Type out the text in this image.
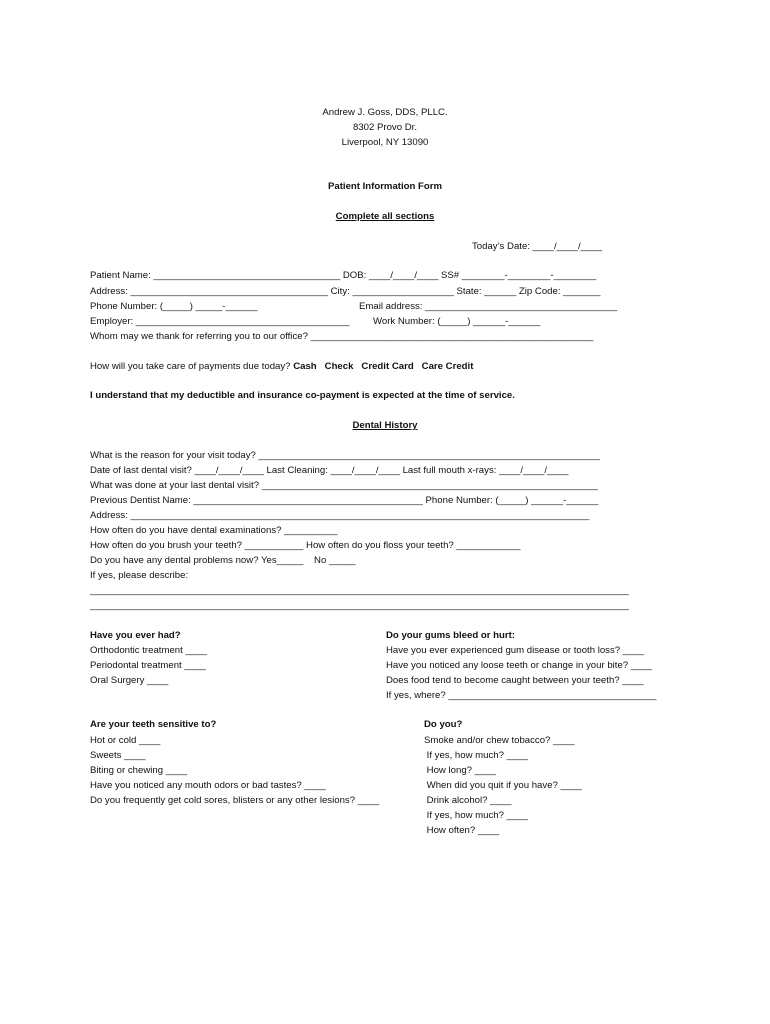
Andrew J. Goss, DDS, PLLC.
8302 Provo Dr.
Liverpool, NY 13090
Patient Information Form
Complete all sections
Today’s Date: ____/____/____
Patient Name: ___________________________________ DOB: ____/____/____ SS# ________-________-________
Address: _____________________________________ City: ___________________ State: ______ Zip Code: _______
Phone Number: (_____) _____-______	Email address: ____________________________________
Employer: ________________________________________ Work Number: (_____) ______-______
Whom may we thank for referring you to our office? _____________________________________________________
How will you take care of payments due today? Cash   Check   Credit Card   Care Credit
I understand that my deductible and insurance co-payment is expected at the time of service.
Dental History
What is the reason for your visit today? ________________________________________________________________
Date of last dental visit? ____/____/____ Last Cleaning: ____/____/____ Last full mouth x-rays: ____/____/____
What was done at your last dental visit? _______________________________________________________________
Previous Dentist Name: ___________________________________________ Phone Number: (_____) ______-______
Address: ______________________________________________________________________________________
How often do you have dental examinations? __________
How often do you brush your teeth? ___________ How often do you floss your teeth? ____________
Do you have any dental problems now? Yes_____    No _____
If yes, please describe:
_____________________________________________________________________________________________________
_____________________________________________________________________________________________________
Have you ever had?
Orthodontic treatment ____
Periodontal treatment ____
Oral Surgery ____
Do your gums bleed or hurt:
Have you ever experienced gum disease or tooth loss? ____
Have you noticed any loose teeth or change in your bite? ____
Does food tend to become caught between your teeth? ____
If yes, where? _______________________________________
Are your teeth sensitive to?
Hot or cold ____
Sweets ____
Biting or chewing ____
Have you noticed any mouth odors or bad tastes? ____
Do you frequently get cold sores, blisters or any other lesions? ____
Do you?
Smoke and/or chew tobacco? ____
If yes, how much? ____
How long? ____
When did you quit if you have? ____
Drink alcohol? ____
If yes, how much? ____
How often? ____
